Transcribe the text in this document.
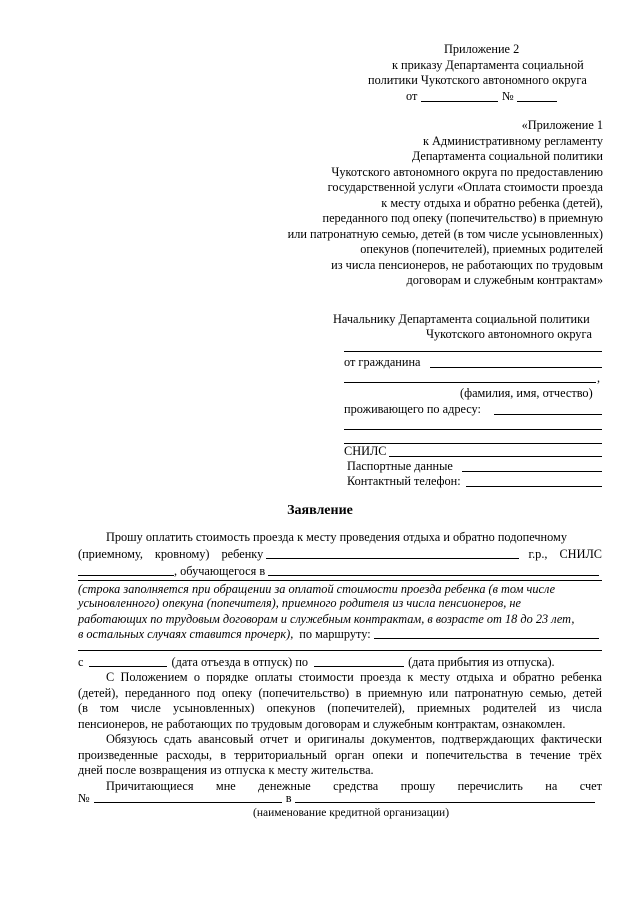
Приложение 2
к приказу Департамента социальной
политики Чукотского автономного округа
от	№
«Приложение 1
к Административному регламенту
Департамента социальной политики
Чукотского автономного округа по предоставлению
государственной услуги «Оплата стоимости проезда
к месту отдыха и обратно ребенка (детей),
переданного под опеку (попечительство) в приемную
или патронатную семью, детей (в том числе усыновленных)
опекунов (попечителей), приемных родителей
из числа пенсионеров, не работающих по трудовым
договорам и служебным контрактам»
Начальнику Департамента социальной политики
Чукотского автономного округа
от гражданина
,
(фамилия, имя, отчество)
проживающего по адресу:
СНИЛС
Паспортные данные
Контактный телефон:
Заявление
Прошу оплатить стоимость проезда к месту проведения отдыха и обратно подопечному
(приемному, кровному) ребенку	г.р., СНИЛС
, обучающегося в
(строка заполняется при обращении за оплатой стоимости проезда ребенка (в том числе
усыновленного) опекуна (попечителя), приемного родителя из числа пенсионеров, не
работающих по трудовым договорам и служебным контрактам, в возрасте от 18 до 23 лет,
в остальных случаях ставится прочерк), по маршруту:
с	(дата отъезда в отпуск) по	(дата прибытия из отпуска).
С Положением о порядке оплаты стоимости проезда к месту отдыха и обратно ребенка
(детей), переданного под опеку (попечительство) в приемную или патронатную семью, детей
(в том числе усыновленных) опекунов (попечителей), приемных родителей из числа
пенсионеров, не работающих по трудовым договорам и служебным контрактам, ознакомлен.
Обязуюсь сдать авансовый отчет и оригиналы документов, подтверждающих фактически
произведенные расходы, в территориальный орган опеки и попечительства в течение трёх
дней после возвращения из отпуска к месту жительства.
Причитающиеся мне денежные средства прошу перечислить на счет
№	в
(наименование кредитной организации)
